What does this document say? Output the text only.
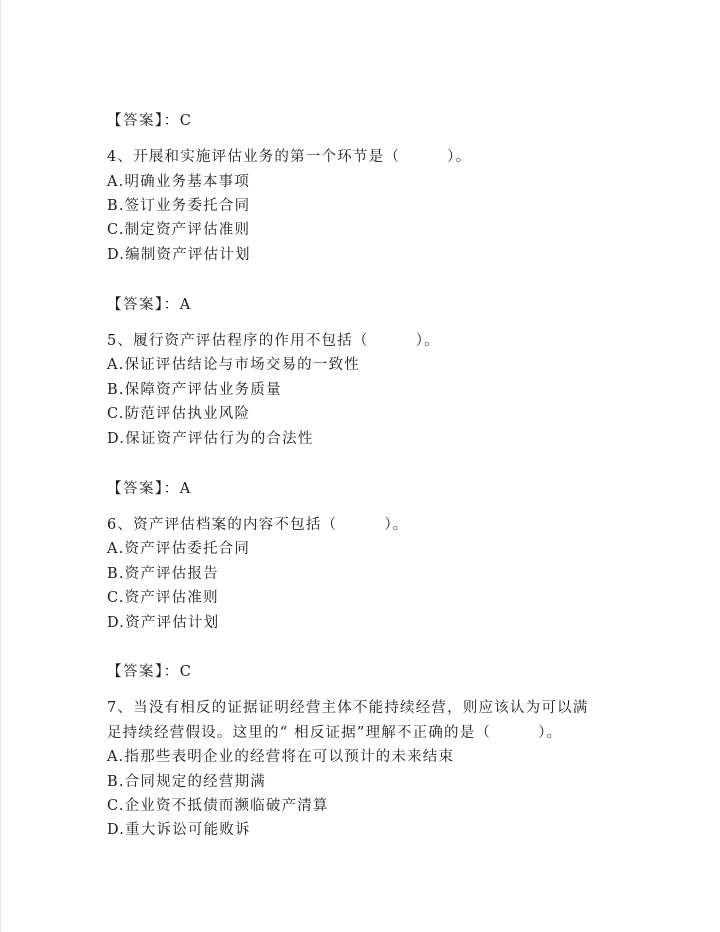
【答案】：C
4、开展和实施评估业务的第一个环节是（　　　）。
A.明确业务基本事项
B.签订业务委托合同
C.制定资产评估准则
D.编制资产评估计划
【答案】：A
5、履行资产评估程序的作用不包括（　　　）。
A.保证评估结论与市场交易的一致性
B.保障资产评估业务质量
C.防范评估执业风险
D.保证资产评估行为的合法性
【答案】：A
6、资产评估档案的内容不包括（　　　）。
A.资产评估委托合同
B.资产评估报告
C.资产评估准则
D.资产评估计划
【答案】：C
7、当没有相反的证据证明经营主体不能持续经营，则应该认为可以满
足持续经营假设。这里的“ 相反证据”理解不正确的是（　　　）。
A.指那些表明企业的经营将在可以预计的未来结束
B.合同规定的经营期满
C.企业资不抵债而濒临破产清算
D.重大诉讼可能败诉
